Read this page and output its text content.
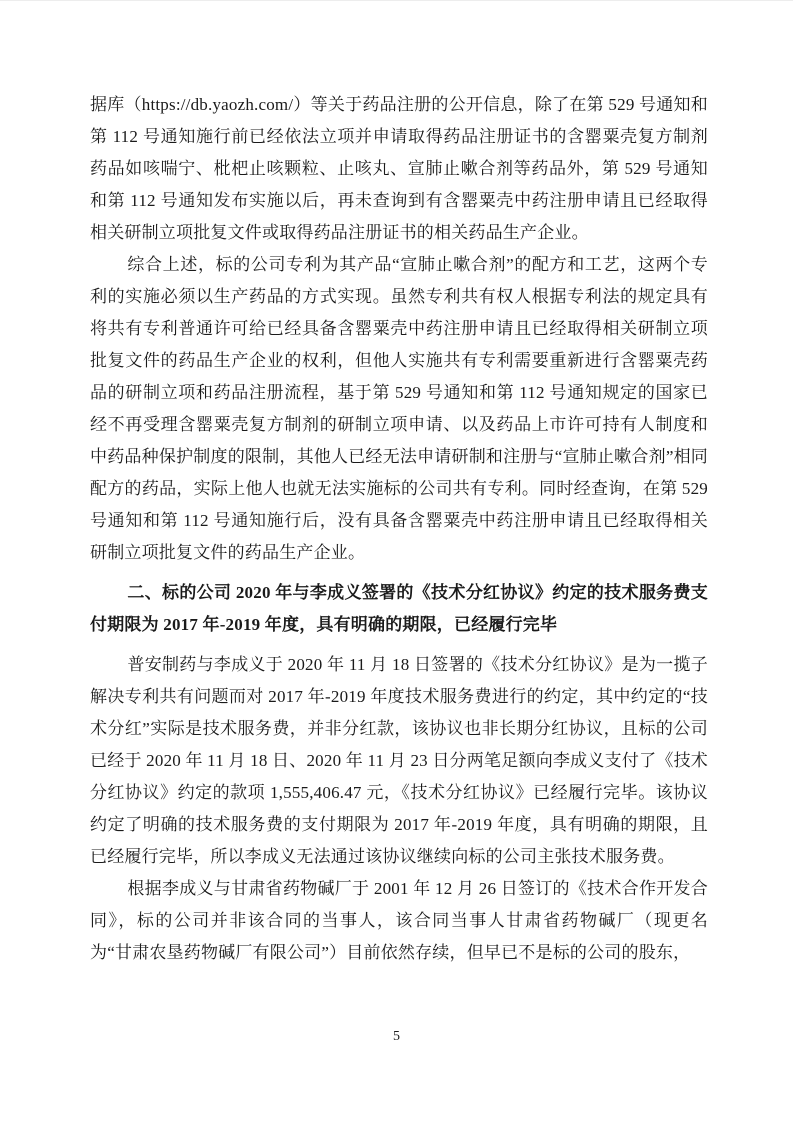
据库（https://db.yaozh.com/）等关于药品注册的公开信息，除了在第 529 号通知和第 112 号通知施行前已经依法立项并申请取得药品注册证书的含罂粟壳复方制剂药品如咳喘宁、枇杷止咳颗粒、止咳丸、宣肺止嗽合剂等药品外，第 529 号通知和第 112 号通知发布实施以后，再未查询到有含罂粟壳中药注册申请且已经取得相关研制立项批复文件或取得药品注册证书的相关药品生产企业。

综合上述，标的公司专利为其产品“宣肺止嗽合剂”的配方和工艺，这两个专利的实施必须以生产药品的方式实现。虽然专利共有权人根据专利法的规定具有将共有专利普通许可给已经具备含罂粟壳中药注册申请且已经取得相关研制立项批复文件的药品生产企业的权利，但他人实施共有专利需要重新进行含罂粟壳药品的研制立项和药品注册流程，基于第 529 号通知和第 112 号通知规定的国家已经不再受理含罂粟壳复方制剂的研制立项申请、以及药品上市许可持有人制度和中药品种保护制度的限制，其他人已经无法申请研制和注册与“宣肺止嗽合剂”相同配方的药品，实际上他人也就无法实施标的公司共有专利。同时经查询，在第 529 号通知和第 112 号通知施行后，没有具备含罂粟壳中药注册申请且已经取得相关研制立项批复文件的药品生产企业。

二、标的公司 2020 年与李成义签署的《技术分红协议》约定的技术服务费支付期限为 2017 年-2019 年度，具有明确的期限，已经履行完毕

普安制药与李成义于 2020 年 11 月 18 日签署的《技术分红协议》是为一揽子解决专利共有问题而对 2017 年-2019 年度技术服务费进行的约定，其中约定的“技术分红”实际是技术服务费，并非分红款，该协议也非长期分红协议，且标的公司已经于 2020 年 11 月 18 日、2020 年 11 月 23 日分两笔足额向李成义支付了《技术分红协议》约定的款项 1,555,406.47 元，《技术分红协议》已经履行完毕。该协议约定了明确的技术服务费的支付期限为 2017 年-2019 年度，具有明确的期限，且已经履行完毕，所以李成义无法通过该协议继续向标的公司主张技术服务费。

根据李成义与甘肃省药物碱厂于 2001 年 12 月 26 日签订的《技术合作开发合同》，标的公司并非该合同的当事人，该合同当事人甘肃省药物碱厂（现更名为“甘肃农垦药物碱厂有限公司”）目前依然存续，但早已不是标的公司的股东，

5
